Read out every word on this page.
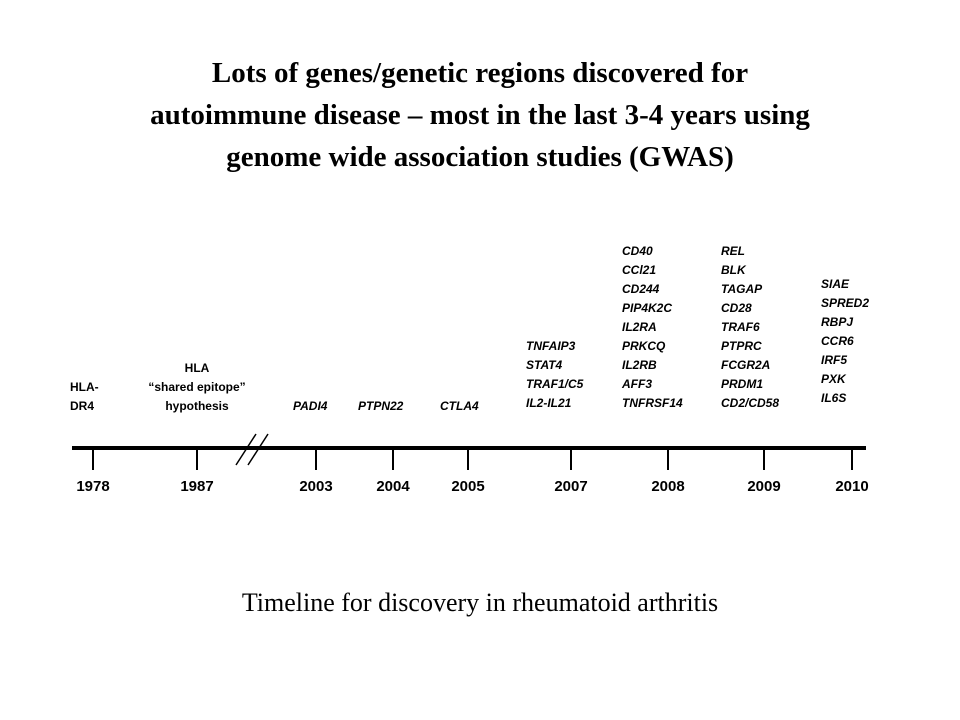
Lots of genes/genetic regions discovered for
autoimmune disease – most in the last 3-4 years using
genome wide association studies (GWAS)
1978	1987	2003	2004	2005	2007	2008	2009	2010
HLA-
DR4
HLA
“shared epitope”
hypothesis	PADI4	PTPN22	CTLA4
TNFAIP3
STAT4
TRAF1/C5
IL2-IL21
CD40
CCl21
CD244
PIP4K2C
IL2RA
PRKCQ
IL2RB
AFF3
TNFRSF14
REL
BLK
TAGAP
CD28
TRAF6
PTPRC
FCGR2A
PRDM1
CD2/CD58
SIAE
SPRED2
RBPJ
CCR6
IRF5
PXK
IL6S

Timeline for discovery in rheumatoid arthritis
